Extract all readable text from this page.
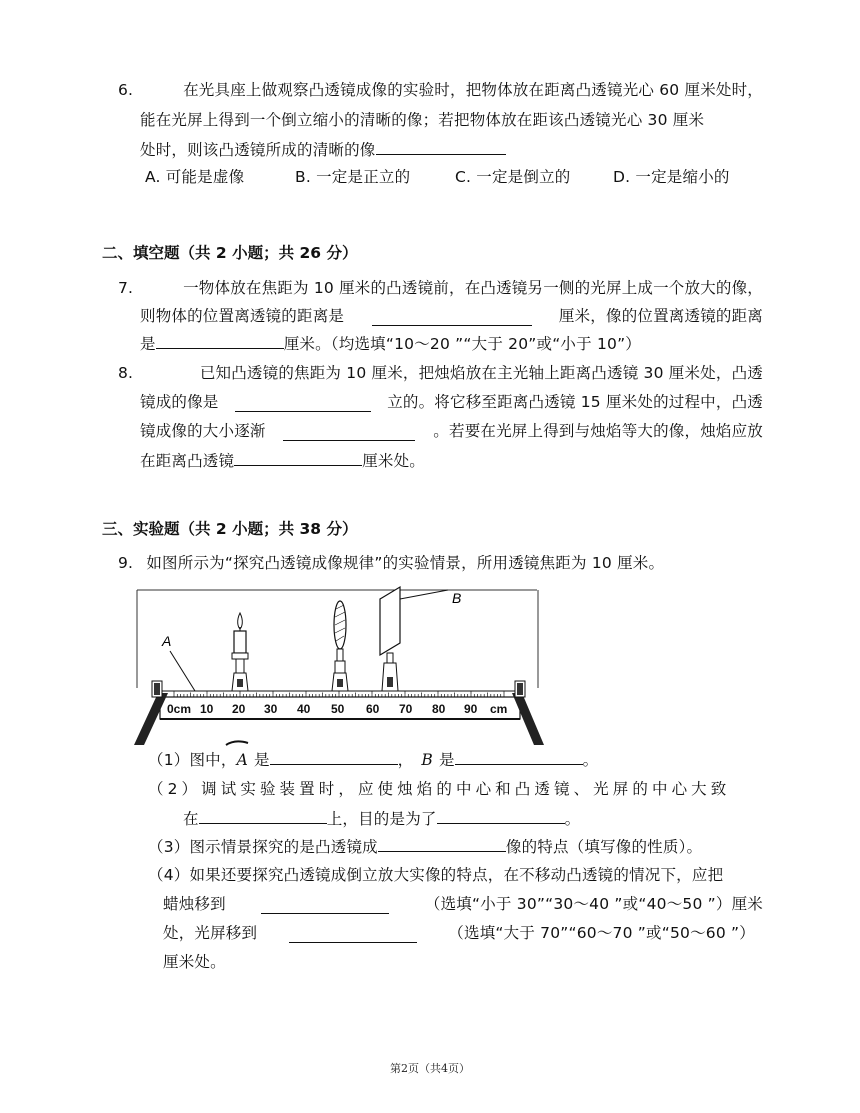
6.	在光具座上做观察凸透镜成像的实验时，把物体放在距离凸透镜光心 60 厘米处时，
能在光屏上得到一个倒立缩小的清晰的像；若把物体放在距该凸透镜光心 30 厘米
处时，则该凸透镜所成的清晰的像
A. 可能是虚像	B. 一定是正立的	C. 一定是倒立的	D. 一定是缩小的
二、填空题（共 2 小题；共 26 分）
7.	一物体放在焦距为 10 厘米的凸透镜前，在凸透镜另一侧的光屏上成一个放大的像，
则物体的位置离透镜的距离是	厘米，像的位置离透镜的距离
是	厘米。（均选填“10～20 ”“大于 20”或“小于 10”）
8.	已知凸透镜的焦距为 10 厘米，把烛焰放在主光轴上距离凸透镜 30 厘米处，凸透
镜成的像是	立的。将它移至距离凸透镜 15 厘米处的过程中，凸透
镜成像的大小逐渐	。若要在光屏上得到与烛焰等大的像，烛焰应放
在距离凸透镜	厘米处。
三、实验题（共 2 小题；共 38 分）
9. 如图所示为“探究凸透镜成像规律”的实验情景，所用透镜焦距为 10 厘米。
A
0cm 10 20 30 40 50 60 70 80 90 cm
B
（1）图中，A 是	， B 是	。
（2）调试实验装置时，应使烛焰的中心和凸透镜、光屏的中心大致
在	上，目的是为了	。
（3）图示情景探究的是凸透镜成	像的特点（填写像的性质）。
（4）如果还要探究凸透镜成倒立放大实像的特点，在不移动凸透镜的情况下，应把
蜡烛移到	（选填“小于 30”“30～40 ”或“40～50 ”）厘米
处，光屏移到	（选填“大于 70”“60～70 ”或“50～60 ”）
厘米处。
第2页（共4页）
